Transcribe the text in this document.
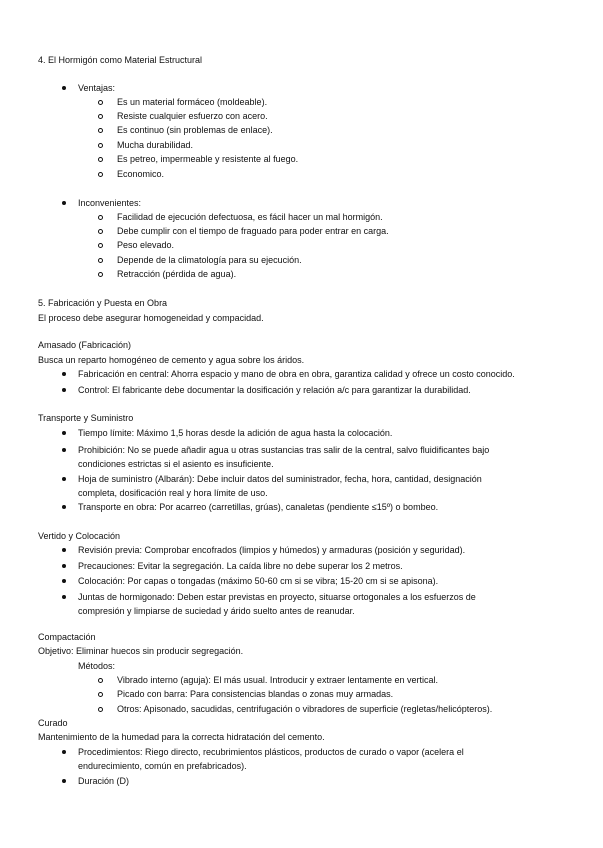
4. El Hormigón como Material Estructural
Ventajas:
Es un material formáceo (moldeable).
Resiste cualquier esfuerzo con acero.
Es continuo (sin problemas de enlace).
Mucha durabilidad.
Es petreo, impermeable y resistente al fuego.
Economico.
Inconvenientes:
Facilidad de ejecución defectuosa, es fácil hacer un mal hormigón.
Debe cumplir con el tiempo de fraguado para poder entrar en carga.
Peso elevado.
Depende de la climatología para su ejecución.
Retracción (pérdida de agua).
5. Fabricación y Puesta en Obra
El proceso debe asegurar homogeneidad y compacidad.
Amasado (Fabricación)
Busca un reparto homogéneo de cemento y agua sobre los áridos.
Fabricación en central: Ahorra espacio y mano de obra en obra, garantiza calidad y ofrece un costo conocido.
Control: El fabricante debe documentar la dosificación y relación a/c para garantizar la durabilidad.
Transporte y Suministro
Tiempo límite: Máximo 1,5 horas desde la adición de agua hasta la colocación.
Prohibición: No se puede añadir agua u otras sustancias tras salir de la central, salvo fluidificantes bajo
condiciones estrictas si el asiento es insuficiente.
Hoja de suministro (Albarán): Debe incluir datos del suministrador, fecha, hora, cantidad, designación
completa, dosificación real y hora límite de uso.
Transporte en obra: Por acarreo (carretillas, grúas), canaletas (pendiente ≤15º) o bombeo.
Vertido y Colocación
Revisión previa: Comprobar encofrados (limpios y húmedos) y armaduras (posición y seguridad).
Precauciones: Evitar la segregación. La caída libre no debe superar los 2 metros.
Colocación: Por capas o tongadas (máximo 50-60 cm si se vibra; 15-20 cm si se apisona).
Juntas de hormigonado: Deben estar previstas en proyecto, situarse ortogonales a los esfuerzos de
compresión y limpiarse de suciedad y árido suelto antes de reanudar.
Compactación
Objetivo: Eliminar huecos sin producir segregación.
Métodos:
Vibrado interno (aguja): El más usual. Introducir y extraer lentamente en vertical.
Picado con barra: Para consistencias blandas o zonas muy armadas.
Otros: Apisonado, sacudidas, centrifugación o vibradores de superficie (regletas/helicópteros).
Curado
Mantenimiento de la humedad para la correcta hidratación del cemento.
Procedimientos: Riego directo, recubrimientos plásticos, productos de curado o vapor (acelera el
endurecimiento, común en prefabricados).
Duración (D)
